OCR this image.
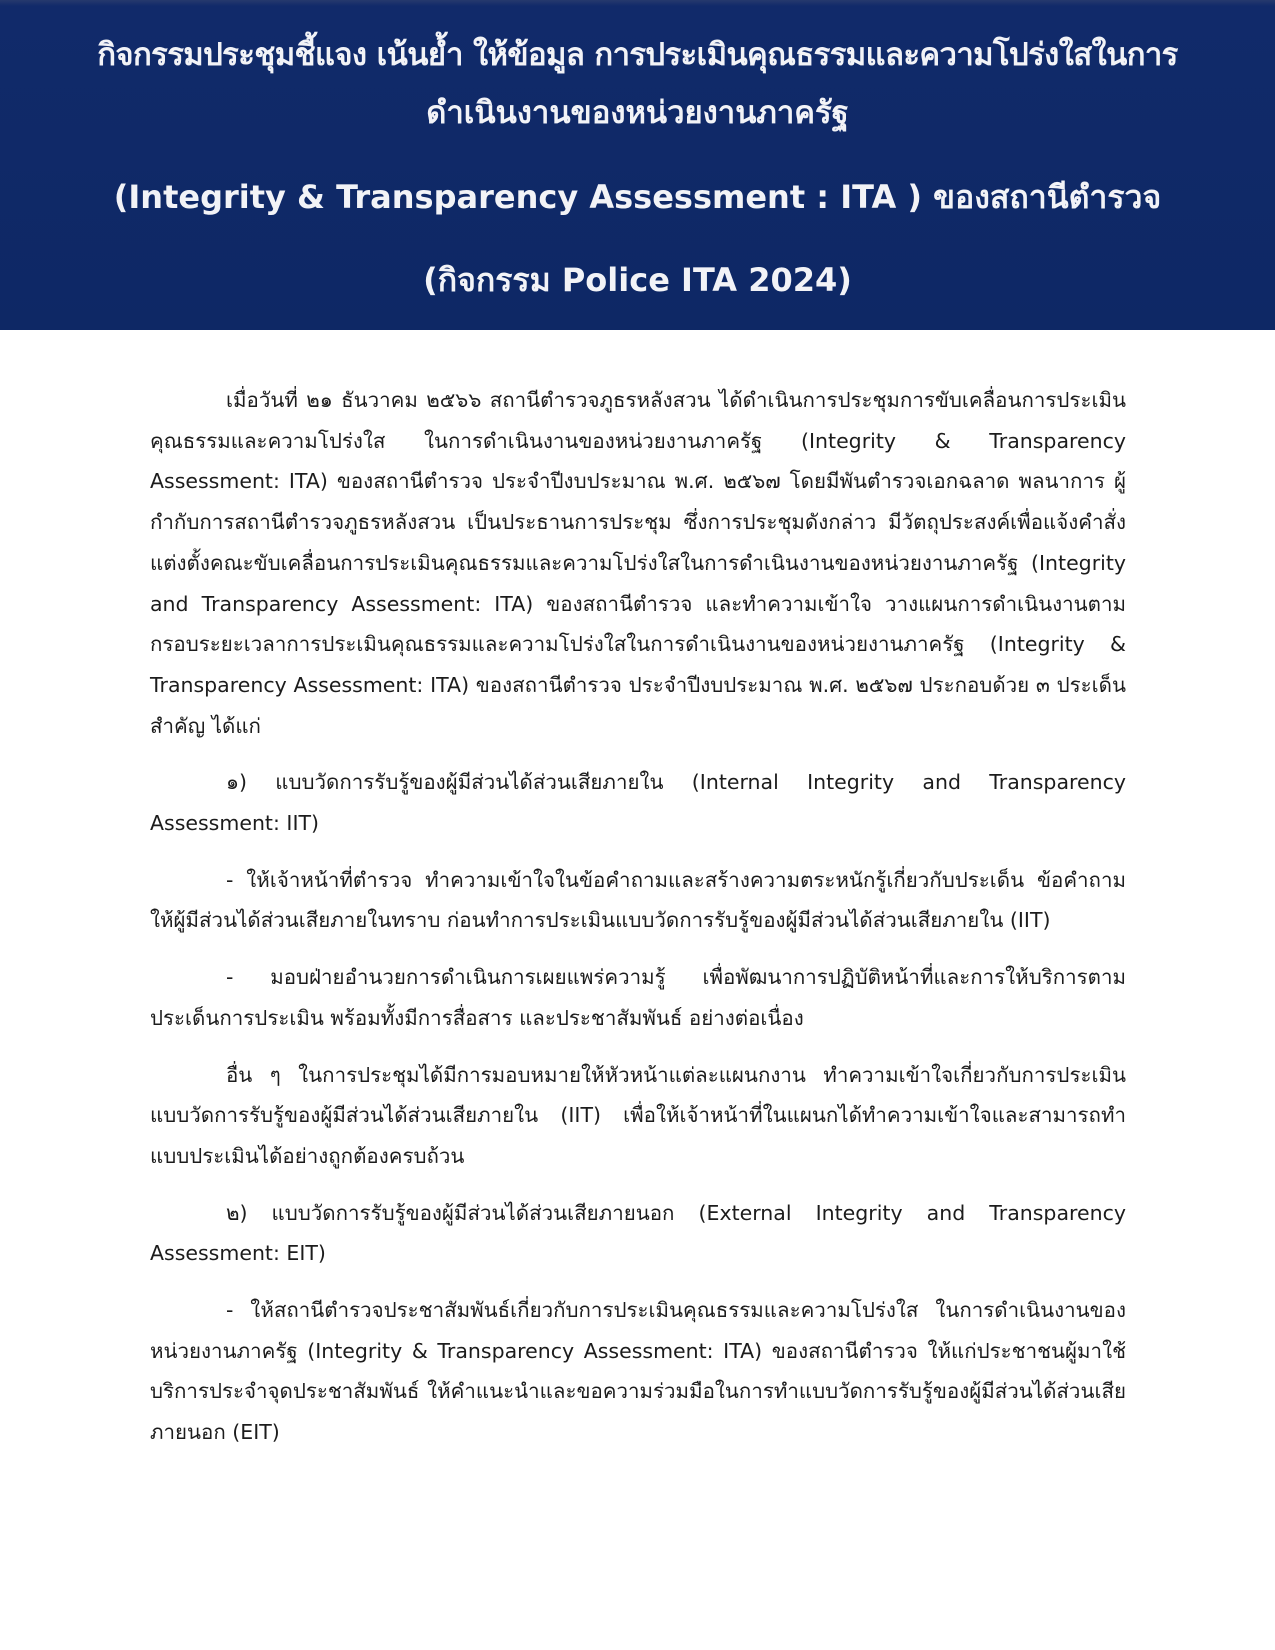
กิจกรรมประชุมชี้แจง เน้นย้ำ ให้ข้อมูล การประเมินคุณธรรมและความโปร่งใสในการ
ดำเนินงานของหน่วยงานภาครัฐ
(Integrity & Transparency Assessment : ITA ) ของสถานีตำรวจ
(กิจกรรม Police ITA 2024)

เมื่อวันที่ ๒๑ ธันวาคม ๒๕๖๖ สถานีตำรวจภูธรหลังสวน ได้ดำเนินการประชุมการขับเคลื่อนการประเมินคุณธรรมและความโปร่งใส ในการดำเนินงานของหน่วยงานภาครัฐ (Integrity & Transparency Assessment: ITA) ของสถานีตำรวจ ประจำปีงบประมาณ พ.ศ. ๒๕๖๗ โดยมีพันตำรวจเอกฉลาด พลนาการ ผู้กำกับการสถานีตำรวจภูธรหลังสวน เป็นประธานการประชุม ซึ่งการประชุมดังกล่าว มีวัตถุประสงค์เพื่อแจ้งคำสั่งแต่งตั้งคณะขับเคลื่อนการประเมินคุณธรรมและความโปร่งใสในการดำเนินงานของหน่วยงานภาครัฐ (Integrity and Transparency Assessment: ITA) ของสถานีตำรวจ และทำความเข้าใจ วางแผนการดำเนินงานตามกรอบระยะเวลาการประเมินคุณธรรมและความโปร่งใสในการดำเนินงานของหน่วยงานภาครัฐ (Integrity & Transparency Assessment: ITA) ของสถานีตำรวจ ประจำปีงบประมาณ พ.ศ. ๒๕๖๗ ประกอบด้วย ๓ ประเด็นสำคัญ ได้แก่

๑) แบบวัดการรับรู้ของผู้มีส่วนได้ส่วนเสียภายใน (Internal Integrity and Transparency Assessment: IIT)

- ให้เจ้าหน้าที่ตำรวจ ทำความเข้าใจในข้อคำถามและสร้างความตระหนักรู้เกี่ยวกับประเด็น ข้อคำถามให้ผู้มีส่วนได้ส่วนเสียภายในทราบ ก่อนทำการประเมินแบบวัดการรับรู้ของผู้มีส่วนได้ส่วนเสียภายใน (IIT)

- มอบฝ่ายอำนวยการดำเนินการเผยแพร่ความรู้ เพื่อพัฒนาการปฏิบัติหน้าที่และการให้บริการตามประเด็นการประเมิน พร้อมทั้งมีการสื่อสาร และประชาสัมพันธ์ อย่างต่อเนื่อง

อื่น ๆ ในการประชุมได้มีการมอบหมายให้หัวหน้าแต่ละแผนกงาน ทำความเข้าใจเกี่ยวกับการประเมินแบบวัดการรับรู้ของผู้มีส่วนได้ส่วนเสียภายใน (IIT) เพื่อให้เจ้าหน้าที่ในแผนกได้ทำความเข้าใจและสามารถทำแบบประเมินได้อย่างถูกต้องครบถ้วน

๒) แบบวัดการรับรู้ของผู้มีส่วนได้ส่วนเสียภายนอก (External Integrity and Transparency Assessment: EIT)

- ให้สถานีตำรวจประชาสัมพันธ์เกี่ยวกับการประเมินคุณธรรมและความโปร่งใส ในการดำเนินงานของหน่วยงานภาครัฐ (Integrity & Transparency Assessment: ITA) ของสถานีตำรวจ ให้แก่ประชาชนผู้มาใช้บริการประจำจุดประชาสัมพันธ์ ให้คำแนะนำและขอความร่วมมือในการทำแบบวัดการรับรู้ของผู้มีส่วนได้ส่วนเสียภายนอก (EIT)
